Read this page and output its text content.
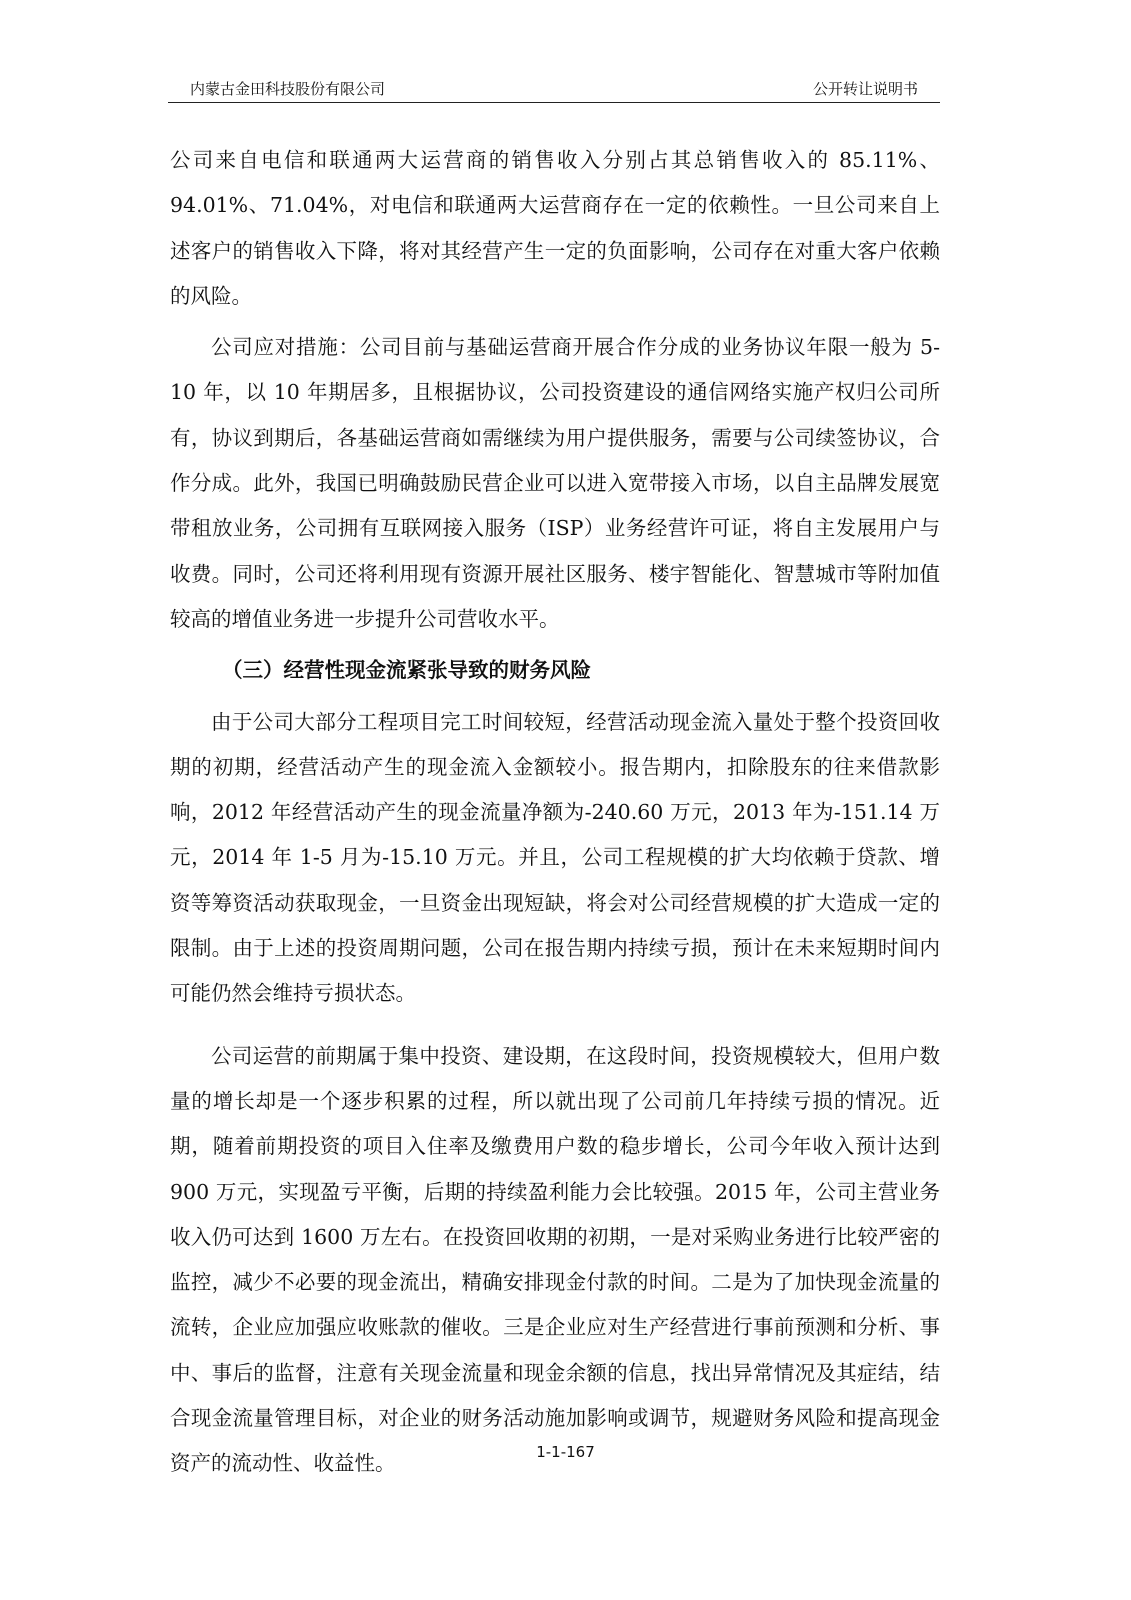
内蒙古金田科技股份有限公司	公开转让说明书

公司来自电信和联通两大运营商的销售收入分别占其总销售收入的 85.11%、94.01%、71.04%，对电信和联通两大运营商存在一定的依赖性。一旦公司来自上述客户的销售收入下降，将对其经营产生一定的负面影响，公司存在对重大客户依赖的风险。

公司应对措施：公司目前与基础运营商开展合作分成的业务协议年限一般为 5-10 年，以 10 年期居多，且根据协议，公司投资建设的通信网络实施产权归公司所有，协议到期后，各基础运营商如需继续为用户提供服务，需要与公司续签协议，合作分成。此外，我国已明确鼓励民营企业可以进入宽带接入市场，以自主品牌发展宽带租放业务，公司拥有互联网接入服务（ISP）业务经营许可证，将自主发展用户与收费。同时，公司还将利用现有资源开展社区服务、楼宇智能化、智慧城市等附加值较高的增值业务进一步提升公司营收水平。

（三）经营性现金流紧张导致的财务风险

由于公司大部分工程项目完工时间较短，经营活动现金流入量处于整个投资回收期的初期，经营活动产生的现金流入金额较小。报告期内，扣除股东的往来借款影响，2012 年经营活动产生的现金流量净额为-240.60 万元，2013 年为-151.14 万元，2014 年 1-5 月为-15.10 万元。并且，公司工程规模的扩大均依赖于贷款、增资等筹资活动获取现金，一旦资金出现短缺，将会对公司经营规模的扩大造成一定的限制。由于上述的投资周期问题，公司在报告期内持续亏损，预计在未来短期时间内可能仍然会维持亏损状态。

公司运营的前期属于集中投资、建设期，在这段时间，投资规模较大，但用户数量的增长却是一个逐步积累的过程，所以就出现了公司前几年持续亏损的情况。近期，随着前期投资的项目入住率及缴费用户数的稳步增长，公司今年收入预计达到 900 万元，实现盈亏平衡，后期的持续盈利能力会比较强。2015 年，公司主营业务收入仍可达到 1600 万左右。在投资回收期的初期，一是对采购业务进行比较严密的监控，减少不必要的现金流出，精确安排现金付款的时间。二是为了加快现金流量的流转，企业应加强应收账款的催收。三是企业应对生产经营进行事前预测和分析、事中、事后的监督，注意有关现金流量和现金余额的信息，找出异常情况及其症结，结合现金流量管理目标，对企业的财务活动施加影响或调节，规避财务风险和提高现金资产的流动性、收益性。	1-1-167
